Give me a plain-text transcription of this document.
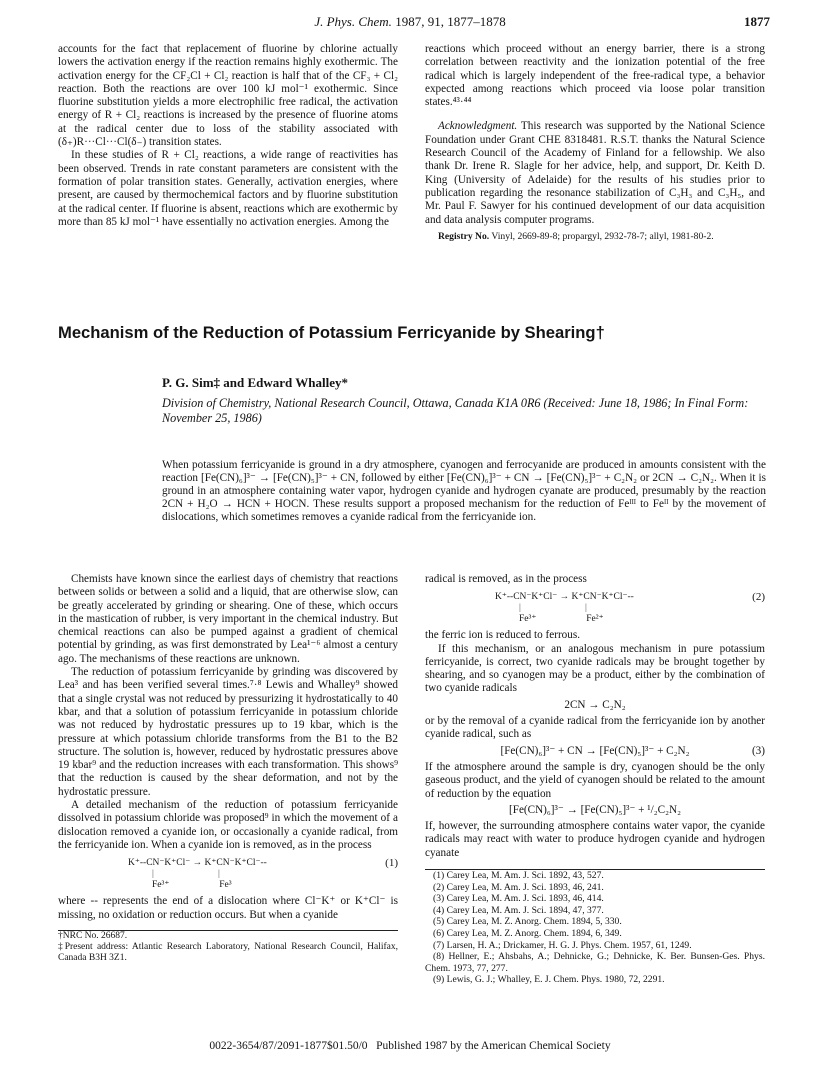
J. Phys. Chem. 1987, 91, 1877–1878	1877

accounts for the fact that replacement of fluorine by chlorine actually lowers the activation energy if the reaction remains highly exothermic. The activation energy for the CF₂Cl + Cl₂ reaction is half that of the CF₃ + Cl₂ reaction. Both the reactions are over 100 kJ mol⁻¹ exothermic. Since fluorine substitution yields a more electrophilic free radical, the activation energy of R + Cl₂ reactions is increased by the presence of fluorine atoms at the radical center due to loss of the stability associated with (δ₊)R···Cl···Cl(δ₋) transition states.

In these studies of R + Cl₂ reactions, a wide range of reactivities has been observed. Trends in rate constant parameters are consistent with the formation of polar transition states. Generally, activation energies, where present, are caused by thermochemical factors and by fluorine substitution at the radical center. If fluorine is absent, reactions which are exothermic by more than 85 kJ mol⁻¹ have essentially no activation energies. Among the

reactions which proceed without an energy barrier, there is a strong correlation between reactivity and the ionization potential of the free radical which is largely independent of the free-radical type, a behavior expected among reactions which proceed via loose polar transition states.⁴³·⁴⁴

Acknowledgment. This research was supported by the National Science Foundation under Grant CHE 8318481. R.S.T. thanks the Natural Science Research Council of the Academy of Finland for a fellowship. We also thank Dr. Irene R. Slagle for her advice, help, and support, Dr. Keith D. King (University of Adelaide) for the results of his studies prior to publication regarding the resonance stabilization of C₃H₃ and C₃H₅, and Mr. Paul F. Sawyer for his continued development of our data acquisition and data analysis computer programs.

Registry No. Vinyl, 2669-89-8; propargyl, 2932-78-7; allyl, 1981-80-2.

Mechanism of the Reduction of Potassium Ferricyanide by Shearing†
P. G. Sim‡ and Edward Whalley*
Division of Chemistry, National Research Council, Ottawa, Canada K1A 0R6 (Received: June 18, 1986; In Final Form: November 25, 1986)
When potassium ferricyanide is ground in a dry atmosphere, cyanogen and ferrocyanide are produced in amounts consistent with the reaction [Fe(CN)₆]³⁻ → [Fe(CN)₅]³⁻ + CN, followed by either [Fe(CN)₆]³⁻ + CN → [Fe(CN)₅]³⁻ + C₂N₂ or 2CN → C₂N₂. When it is ground in an atmosphere containing water vapor, hydrogen cyanide and hydrogen cyanate are produced, presumably by the reaction 2CN + H₂O → HCN + HOCN. These results support a proposed mechanism for the reduction of Feᴵᴵᴵ to Feᴵᴵ by the movement of dislocations, which sometimes removes a cyanide radical from the ferricyanide ion.

Chemists have known since the earliest days of chemistry that reactions between solids or between a solid and a liquid, that are otherwise slow, can be greatly accelerated by grinding or shearing. One of these, which occurs in the mastication of rubber, is very important in the chemical industry. But chemical reactions can also be pumped against a gradient of chemical potential by grinding, as was first demonstrated by Lea¹⁻⁶ almost a century ago. The mechanisms of these reactions are unknown.

The reduction of potassium ferricyanide by grinding was discovered by Lea³ and has been verified several times.⁷·⁸ Lewis and Whalley⁹ showed that a single crystal was not reduced by pressurizing it hydrostatically to 40 kbar, and that a solution of potassium ferricyanide in potassium chloride was not reduced by hydrostatic pressures up to 19 kbar, which is the pressure at which potassium chloride transforms from the B1 to the B2 structure. The solution is, however, reduced by hydrostatic pressures above 19 kbar⁹ and the reduction increases with each transformation. This shows⁹ that the reduction is caused by the shear deformation, and not by the hydrostatic pressure.

A detailed mechanism of the reduction of potassium ferricyanide dissolved in potassium chloride was proposed⁹ in which the movement of a dislocation removed a cyanide ion, or occasionally a cyanide radical, from the ferricyanide ion. When a cyanide ion is removed, as in the process

K⁺--CN⁻K⁺Cl⁻ → K⁺CN⁻K⁺Cl⁻--
|                           |
Fe³⁺                     Fe³
(1)

where -- represents the end of a dislocation where Cl⁻K⁺ or K⁺Cl⁻ is missing, no oxidation or reduction occurs. But when a cyanide

†NRC No. 26687.
‡Present address: Atlantic Research Laboratory, National Research Council, Halifax, Canada B3H 3Z1.

radical is removed, as in the process

K⁺--CN⁻K⁺Cl⁻ → K⁺CN⁻K⁺Cl⁻--
|                           |
Fe³⁺                     Fe²⁺
(2)

the ferric ion is reduced to ferrous.

If this mechanism, or an analogous mechanism in pure potassium ferricyanide, is correct, two cyanide radicals may be brought together by shearing, and so cyanogen may be a product, either by the combination of two cyanide radicals

2CN → C₂N₂

or by the removal of a cyanide radical from the ferricyanide ion by another cyanide radical, such as

[Fe(CN)₆]³⁻ + CN → [Fe(CN)₅]³⁻ + C₂N₂	(3)

If the atmosphere around the sample is dry, cyanogen should be the only gaseous product, and the yield of cyanogen should be related to the amount of reduction by the equation

[Fe(CN)₆]³⁻ → [Fe(CN)₅]³⁻ + ¹/₂C₂N₂

If, however, the surrounding atmosphere contains water vapor, the cyanide radicals may react with water to produce hydrogen cyanide and hydrogen cyanate

(1) Carey Lea, M. Am. J. Sci. 1892, 43, 527.

(2) Carey Lea, M. Am. J. Sci. 1893, 46, 241.

(3) Carey Lea, M. Am. J. Sci. 1893, 46, 414.

(4) Carey Lea, M. Am. J. Sci. 1894, 47, 377.

(5) Carey Lea, M. Z. Anorg. Chem. 1894, 5, 330.

(6) Carey Lea, M. Z. Anorg. Chem. 1894, 6, 349.

(7) Larsen, H. A.; Drickamer, H. G. J. Phys. Chem. 1957, 61, 1249.

(8) Hellner, E.; Ahsbahs, A.; Dehnicke, G.; Dehnicke, K. Ber. Bunsen-Ges. Phys. Chem. 1973, 77, 277.

(9) Lewis, G. J.; Whalley, E. J. Chem. Phys. 1980, 72, 2291.

0022-3654/87/2091-1877$01.50/0   Published 1987 by the American Chemical Society
